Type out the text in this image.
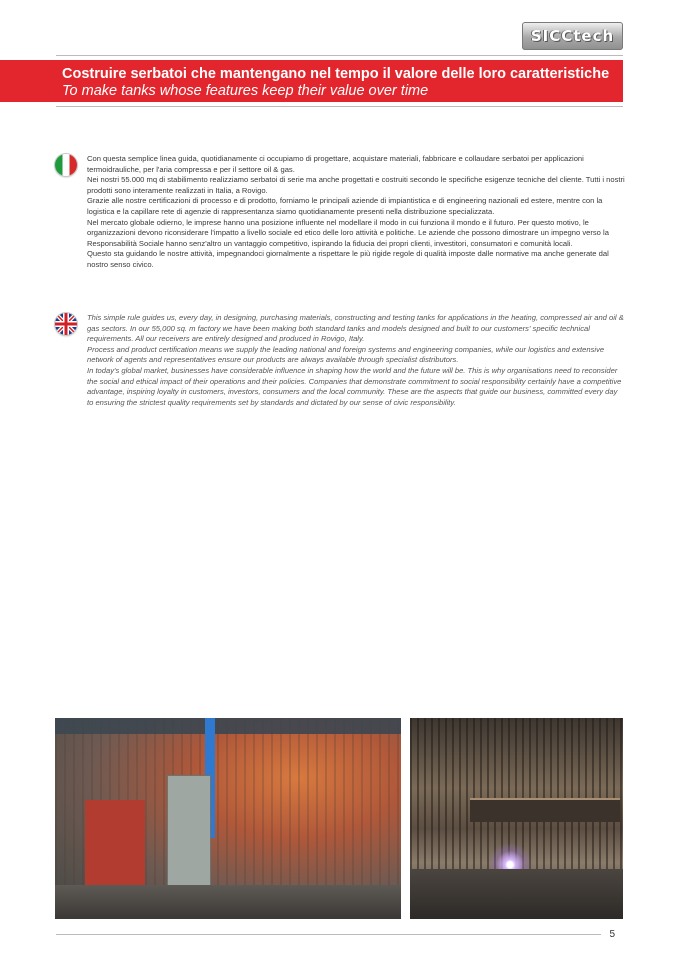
SICCtech
Costruire serbatoi che mantengano nel tempo il valore delle loro caratteristiche
To make tanks whose features keep their value over time

Con questa semplice linea guida, quotidianamente ci occupiamo di progettare, acquistare materiali, fabbricare e collaudare serbatoi per applicazioni termoidrauliche, per l'aria compressa e per il settore oil & gas.

Nei nostri 55.000 mq di stabilimento realizziamo serbatoi di serie ma anche progettati e costruiti secondo le specifiche esigenze tecniche del cliente. Tutti i nostri prodotti sono interamente realizzati in Italia, a Rovigo.

Grazie alle nostre certificazioni di processo e di prodotto, forniamo le principali aziende di impiantistica e di engineering nazionali ed estere, mentre con la logistica e la capillare rete di agenzie di rappresentanza siamo quotidianamente presenti nella distribuzione specializzata.

Nel mercato globale odierno, le imprese hanno una posizione influente nel modellare il modo in cui funziona il mondo e il futuro. Per questo motivo, le organizzazioni devono riconsiderare l'impatto a livello sociale ed etico delle loro attività e politiche. Le aziende che possono dimostrare un impegno verso la Responsabilità Sociale hanno senz'altro un vantaggio competitivo, ispirando la fiducia dei propri clienti, investitori, consumatori e comunità locali.

Questo sta guidando le nostre attività, impegnandoci giornalmente a rispettare le più rigide regole di qualità imposte dalle normative ma anche generate dal nostro senso civico.

This simple rule guides us, every day, in designing, purchasing materials, constructing and testing tanks for applications in the heating, compressed air and oil & gas sectors. In our 55,000 sq. m factory we have been making both standard tanks and models designed and built to our customers' specific technical requirements. All our receivers are entirely designed and produced in Rovigo, Italy.

Process and product certification means we supply the leading national and foreign systems and engineering companies, while our logistics and extensive network of agents and representatives ensure our products are always available through specialist distributors.

In today's global market, businesses have considerable influence in shaping how the world and the future will be. This is why organisations need to reconsider the social and ethical impact of their operations and their policies. Companies that demonstrate commitment to social responsibility certainly have a competitive advantage, inspiring loyalty in customers, investors, consumers and the local community. These are the aspects that guide our business, committed every day to ensuring the strictest quality requirements set by standards and dictated by our sense of civic responsibility.

5
